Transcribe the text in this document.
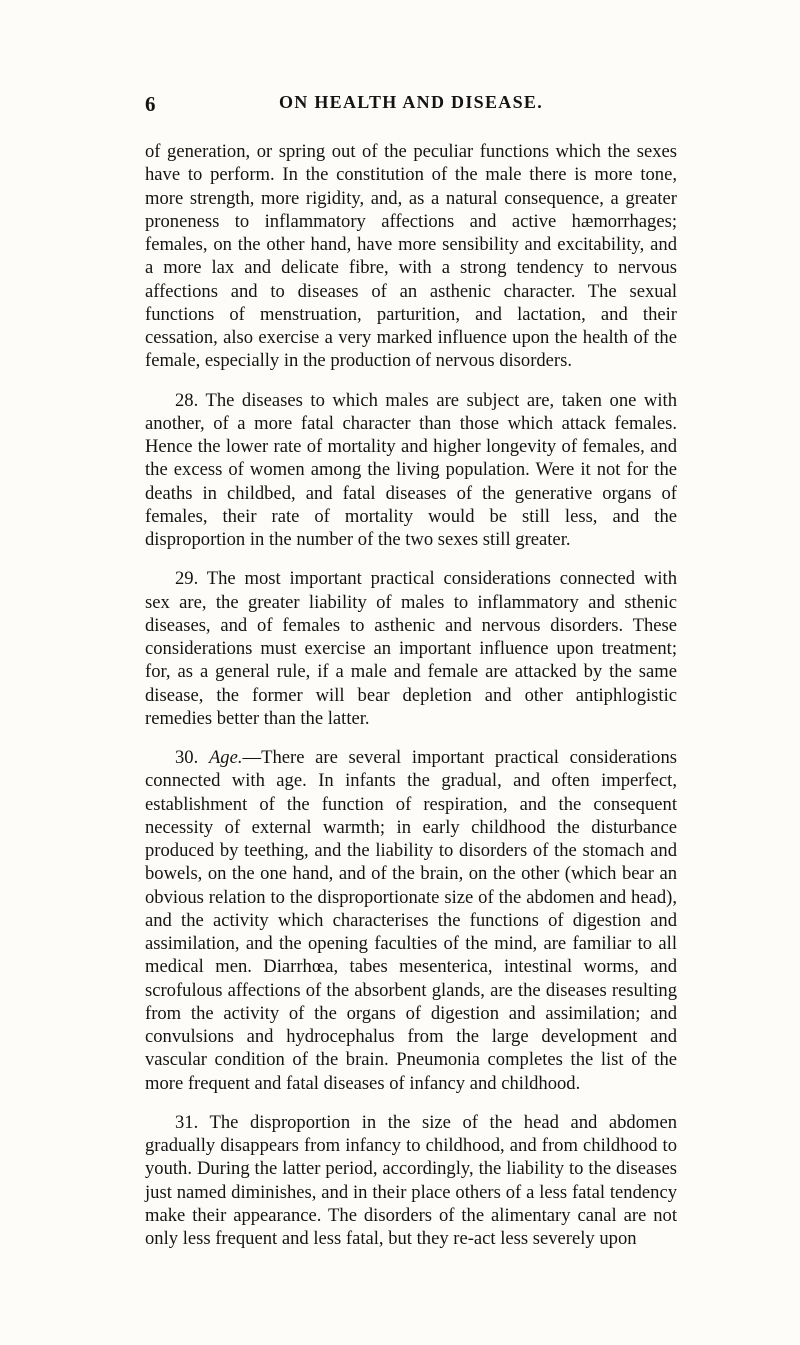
6	ON HEALTH AND DISEASE.

of generation, or spring out of the peculiar functions which the sexes have to perform. In the constitution of the male there is more tone, more strength, more rigidity, and, as a natural consequence, a greater proneness to inflammatory affections and active hæmorrhages; females, on the other hand, have more sensibility and excitability, and a more lax and delicate fibre, with a strong tendency to nervous affections and to diseases of an asthenic character. The sexual functions of menstruation, parturition, and lactation, and their cessation, also exercise a very marked influence upon the health of the female, especially in the production of nervous disorders.

28. The diseases to which males are subject are, taken one with another, of a more fatal character than those which attack females. Hence the lower rate of mortality and higher longevity of females, and the excess of women among the living population. Were it not for the deaths in childbed, and fatal diseases of the generative organs of females, their rate of mortality would be still less, and the disproportion in the number of the two sexes still greater.

29. The most important practical considerations connected with sex are, the greater liability of males to inflammatory and sthenic diseases, and of females to asthenic and nervous disorders. These considerations must exercise an important influence upon treatment; for, as a general rule, if a male and female are attacked by the same disease, the former will bear depletion and other antiphlogistic remedies better than the latter.

30. Age.—There are several important practical considerations connected with age. In infants the gradual, and often imperfect, establishment of the function of respiration, and the consequent necessity of external warmth; in early childhood the disturbance produced by teething, and the liability to disorders of the stomach and bowels, on the one hand, and of the brain, on the other (which bear an obvious relation to the disproportionate size of the abdomen and head), and the activity which characterises the functions of digestion and assimilation, and the opening faculties of the mind, are familiar to all medical men. Diarrhœa, tabes mesenterica, intestinal worms, and scrofulous affections of the absorbent glands, are the diseases resulting from the activity of the organs of digestion and assimilation; and convulsions and hydrocephalus from the large development and vascular condition of the brain. Pneumonia completes the list of the more frequent and fatal diseases of infancy and childhood.

31. The disproportion in the size of the head and abdomen gradually disappears from infancy to childhood, and from childhood to youth. During the latter period, accordingly, the liability to the diseases just named diminishes, and in their place others of a less fatal tendency make their appearance. The disorders of the alimentary canal are not only less frequent and less fatal, but they re-act less severely upon
